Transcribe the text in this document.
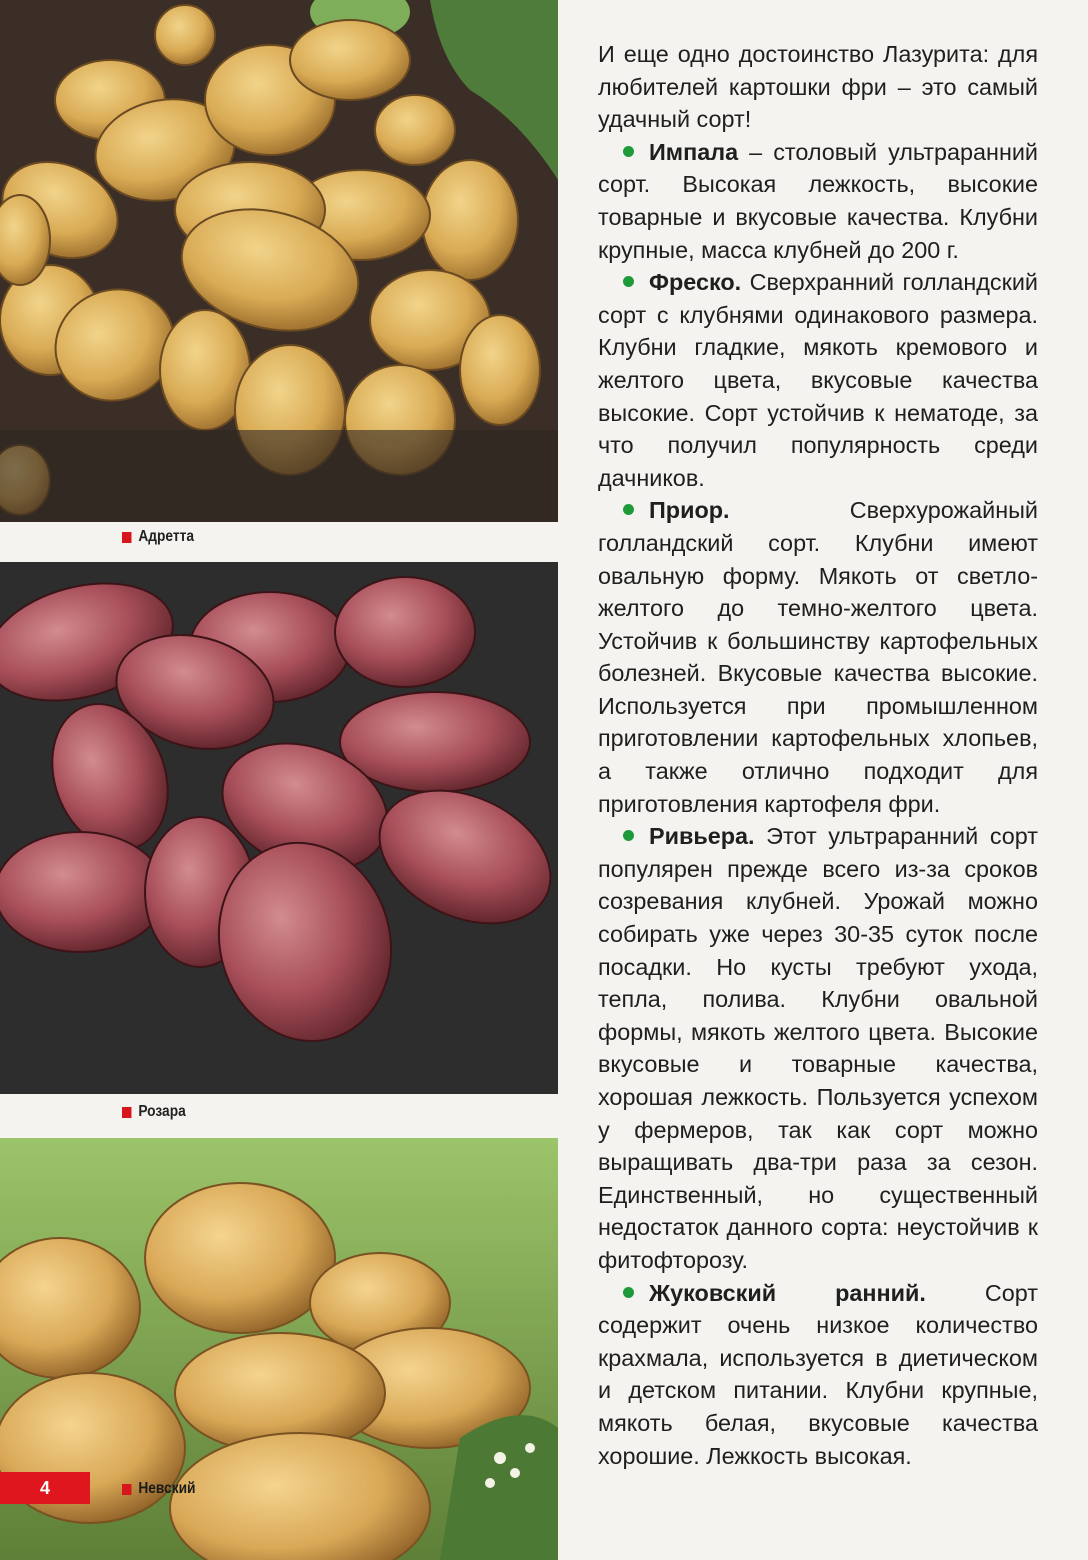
Адретта
Розара
4	Невский

И еще одно достоинство Лазурита: для любителей картошки фри – это самый удачный сорт!

Импала – столовый ультраранний сорт. Высокая лежкость, высокие товарные и вкусовые качества. Клубни крупные, масса клубней до 200 г.

Фреско. Сверхранний голландский сорт с клубнями одинакового размера. Клубни гладкие, мякоть кремового и желтого цвета, вкусовые качества высокие. Сорт устойчив к нематоде, за что получил популярность среди дачников.

Приор. Сверхурожайный голландский сорт. Клубни имеют овальную форму. Мякоть от светло-желтого до темно-желтого цвета. Устойчив к большинству картофельных болезней. Вкусовые качества высокие. Используется при промышленном приготовлении картофельных хлопьев, а также отлично подходит для приготовления картофеля фри.

Ривьера. Этот ультраранний сорт популярен прежде всего из-за сроков созревания клубней. Урожай можно собирать уже через 30-35 суток после посадки. Но кусты требуют ухода, тепла, полива. Клубни овальной формы, мякоть желтого цвета. Высокие вкусовые и товарные качества, хорошая лежкость. Пользуется успехом у фермеров, так как сорт можно выращивать два-три раза за сезон. Единственный, но существенный недостаток данного сорта: неустойчив к фитофторозу.

Жуковский ранний. Сорт содержит очень низкое количество крахмала, используется в диетическом и детском питании. Клубни крупные, мякоть белая, вкусовые качества хорошие. Лежкость высокая.
